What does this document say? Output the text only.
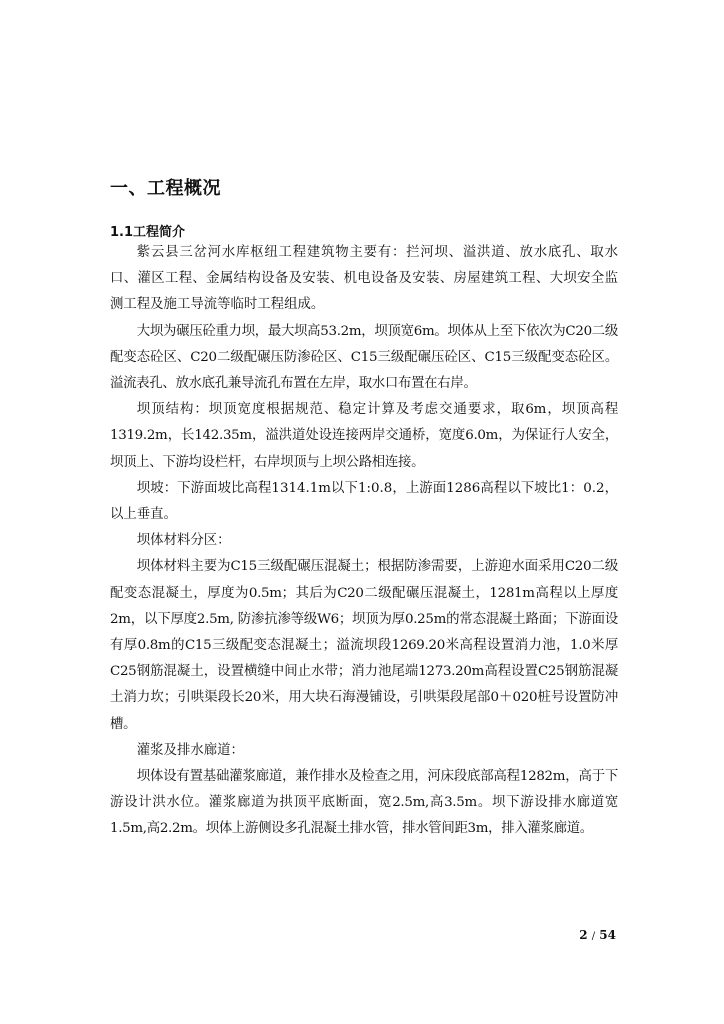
一、工程概况
1.1工程简介

紫云县三岔河水库枢纽工程建筑物主要有：拦河坝、溢洪道、放水底孔、取水口、灌区工程、金属结构设备及安装、机电设备及安装、房屋建筑工程、大坝安全监测工程及施工导流等临时工程组成。

大坝为碾压砼重力坝，最大坝高53.2m，坝顶宽6m。坝体从上至下依次为C20二级配变态砼区、C20二级配碾压防渗砼区、C15三级配碾压砼区、C15三级配变态砼区。溢流表孔、放水底孔兼导流孔布置在左岸，取水口布置在右岸。

坝顶结构：坝顶宽度根据规范、稳定计算及考虑交通要求，取6m，坝顶高程1319.2m，长142.35m，溢洪道处设连接两岸交通桥，宽度6.0m，为保证行人安全，坝顶上、下游均设栏杆，右岸坝顶与上坝公路相连接。

坝坡：下游面坡比高程1314.1m以下1:0.8，上游面1286高程以下坡比1：0.2，以上垂直。

坝体材料分区：

坝体材料主要为C15三级配碾压混凝土；根据防渗需要，上游迎水面采用C20二级配变态混凝土，厚度为0.5m；其后为C20二级配碾压混凝土，1281m高程以上厚度2m，以下厚度2.5m, 防渗抗渗等级W6；坝顶为厚0.25m的常态混凝土路面；下游面设有厚0.8m的C15三级配变态混凝土；溢流坝段1269.20米高程设置消力池，1.0米厚C25钢筋混凝土，设置横缝中间止水带；消力池尾端1273.20m高程设置C25钢筋混凝土消力坎；引哄渠段长20米，用大块石海漫铺设，引哄渠段尾部0＋020桩号设置防冲槽。

灌浆及排水廊道：

坝体设有置基础灌浆廊道，兼作排水及检查之用，河床段底部高程1282m，高于下游设计洪水位。灌浆廊道为拱顶平底断面，宽2.5m,高3.5m。坝下游设排水廊道宽1.5m,高2.2m。坝体上游侧设多孔混凝土排水管，排水管间距3m，排入灌浆廊道。

2 / 54
